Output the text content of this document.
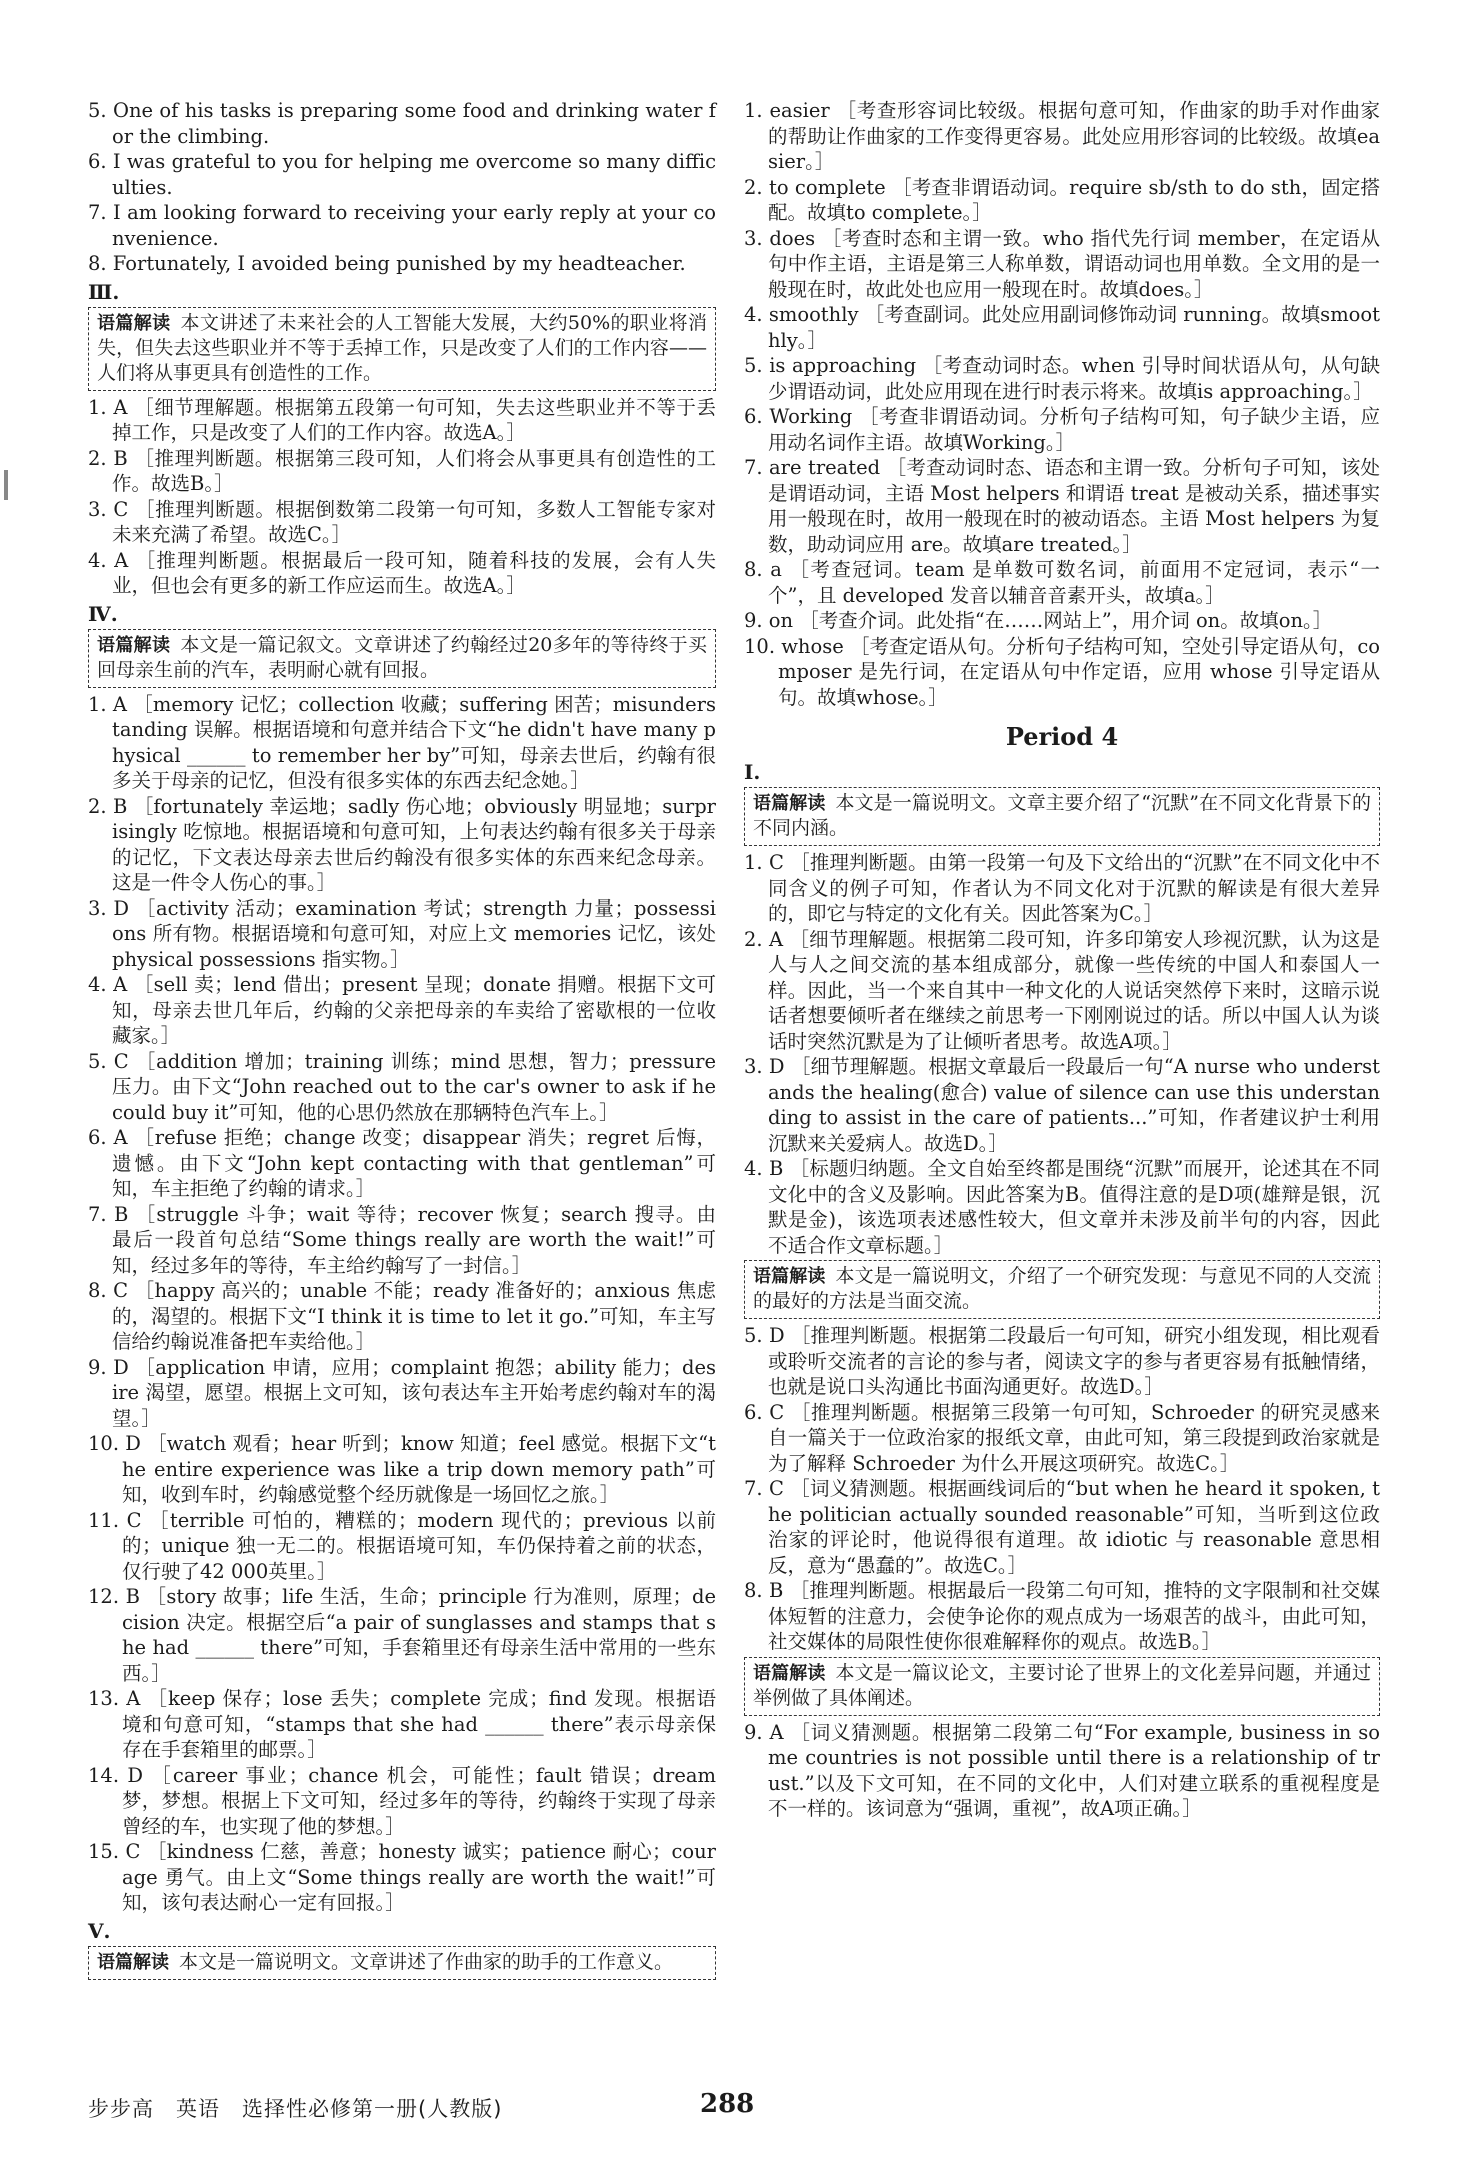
5. One of his tasks is preparing some food and drinking water for the climbing.

6. I was grateful to you for helping me overcome so many difficulties.

7. I am looking forward to receiving your early reply at your convenience.

8. Fortunately, I avoided being punished by my headteacher.

Ⅲ.

语篇解读 本文讲述了未来社会的人工智能大发展，大约50%的职业将消失，但失去这些职业并不等于丢掉工作，只是改变了人们的工作内容——人们将从事更具有创造性的工作。

1. A ［细节理解题。根据第五段第一句可知，失去这些职业并不等于丢掉工作，只是改变了人们的工作内容。故选A。］

2. B ［推理判断题。根据第三段可知，人们将会从事更具有创造性的工作。故选B。］

3. C ［推理判断题。根据倒数第二段第一句可知，多数人工智能专家对未来充满了希望。故选C。］

4. A ［推理判断题。根据最后一段可知，随着科技的发展，会有人失业，但也会有更多的新工作应运而生。故选A。］

Ⅳ.

语篇解读 本文是一篇记叙文。文章讲述了约翰经过20多年的等待终于买回母亲生前的汽车，表明耐心就有回报。

1. A ［memory 记忆；collection 收藏；suffering 困苦；misunderstanding 误解。根据语境和句意并结合下文“he didn't have many physical ______ to remember her by”可知，母亲去世后，约翰有很多关于母亲的记忆，但没有很多实体的东西去纪念她。］

2. B ［fortunately 幸运地；sadly 伤心地；obviously 明显地；surprisingly 吃惊地。根据语境和句意可知，上句表达约翰有很多关于母亲的记忆，下文表达母亲去世后约翰没有很多实体的东西来纪念母亲。这是一件令人伤心的事。］

3. D ［activity 活动；examination 考试；strength 力量；possessions 所有物。根据语境和句意可知，对应上文 memories 记忆，该处 physical possessions 指实物。］

4. A ［sell 卖；lend 借出；present 呈现；donate 捐赠。根据下文可知，母亲去世几年后，约翰的父亲把母亲的车卖给了密歇根的一位收藏家。］

5. C ［addition 增加；training 训练；mind 思想，智力；pressure 压力。由下文“John reached out to the car's owner to ask if he could buy it”可知，他的心思仍然放在那辆特色汽车上。］

6. A ［refuse 拒绝；change 改变；disappear 消失；regret 后悔，遗憾。由下文“John kept contacting with that gentleman”可知，车主拒绝了约翰的请求。］

7. B ［struggle 斗争；wait 等待；recover 恢复；search 搜寻。由最后一段首句总结“Some things really are worth the wait!”可知，经过多年的等待，车主给约翰写了一封信。］

8. C ［happy 高兴的；unable 不能；ready 准备好的；anxious 焦虑的，渴望的。根据下文“I think it is time to let it go.”可知，车主写信给约翰说准备把车卖给他。］

9. D ［application 申请，应用；complaint 抱怨；ability 能力；desire 渴望，愿望。根据上文可知，该句表达车主开始考虑约翰对车的渴望。］

10. D ［watch 观看；hear 听到；know 知道；feel 感觉。根据下文“the entire experience was like a trip down memory path”可知，收到车时，约翰感觉整个经历就像是一场回忆之旅。］

11. C ［terrible 可怕的，糟糕的；modern 现代的；previous 以前的；unique 独一无二的。根据语境可知，车仍保持着之前的状态，仅行驶了42 000英里。］

12. B ［story 故事；life 生活，生命；principle 行为准则，原理；decision 决定。根据空后“a pair of sunglasses and stamps that she had ______ there”可知，手套箱里还有母亲生活中常用的一些东西。］

13. A ［keep 保存；lose 丢失；complete 完成；find 发现。根据语境和句意可知，“stamps that she had ______ there”表示母亲保存在手套箱里的邮票。］

14. D ［career 事业；chance 机会，可能性；fault 错误；dream 梦，梦想。根据上下文可知，经过多年的等待，约翰终于实现了母亲曾经的车，也实现了他的梦想。］

15. C ［kindness 仁慈，善意；honesty 诚实；patience 耐心；courage 勇气。由上文“Some things really are worth the wait!”可知，该句表达耐心一定有回报。］

Ⅴ.

语篇解读 本文是一篇说明文。文章讲述了作曲家的助手的工作意义。

1. easier ［考查形容词比较级。根据句意可知，作曲家的助手对作曲家的帮助让作曲家的工作变得更容易。此处应用形容词的比较级。故填easier。］

2. to complete ［考查非谓语动词。require sb/sth to do sth，固定搭配。故填to complete。］

3. does ［考查时态和主谓一致。who 指代先行词 member，在定语从句中作主语，主语是第三人称单数，谓语动词也用单数。全文用的是一般现在时，故此处也应用一般现在时。故填does。］

4. smoothly ［考查副词。此处应用副词修饰动词 running。故填smoothly。］

5. is approaching ［考查动词时态。when 引导时间状语从句，从句缺少谓语动词，此处应用现在进行时表示将来。故填is approaching。］

6. Working ［考查非谓语动词。分析句子结构可知，句子缺少主语，应用动名词作主语。故填Working。］

7. are treated ［考查动词时态、语态和主谓一致。分析句子可知，该处是谓语动词，主语 Most helpers 和谓语 treat 是被动关系，描述事实用一般现在时，故用一般现在时的被动语态。主语 Most helpers 为复数，助动词应用 are。故填are treated。］

8. a ［考查冠词。team 是单数可数名词，前面用不定冠词，表示“一个”，且 developed 发音以辅音音素开头，故填a。］

9. on ［考查介词。此处指“在……网站上”，用介词 on。故填on。］

10. whose ［考查定语从句。分析句子结构可知，空处引导定语从句，composer 是先行词，在定语从句中作定语，应用 whose 引导定语从句。故填whose。］

Period 4

Ⅰ.

语篇解读 本文是一篇说明文。文章主要介绍了“沉默”在不同文化背景下的不同内涵。

1. C ［推理判断题。由第一段第一句及下文给出的“沉默”在不同文化中不同含义的例子可知，作者认为不同文化对于沉默的解读是有很大差异的，即它与特定的文化有关。因此答案为C。］

2. A ［细节理解题。根据第二段可知，许多印第安人珍视沉默，认为这是人与人之间交流的基本组成部分，就像一些传统的中国人和泰国人一样。因此，当一个来自其中一种文化的人说话突然停下来时，这暗示说话者想要倾听者在继续之前思考一下刚刚说过的话。所以中国人认为谈话时突然沉默是为了让倾听者思考。故选A项。］

3. D ［细节理解题。根据文章最后一段最后一句“A nurse who understands the healing(愈合) value of silence can use this understanding to assist in the care of patients...”可知，作者建议护士利用沉默来关爱病人。故选D。］

4. B ［标题归纳题。全文自始至终都是围绕“沉默”而展开，论述其在不同文化中的含义及影响。因此答案为B。值得注意的是D项(雄辩是银，沉默是金)，该选项表述感性较大，但文章并未涉及前半句的内容，因此不适合作文章标题。］

语篇解读 本文是一篇说明文，介绍了一个研究发现：与意见不同的人交流的最好的方法是当面交流。

5. D ［推理判断题。根据第二段最后一句可知，研究小组发现，相比观看或聆听交流者的言论的参与者，阅读文字的参与者更容易有抵触情绪，也就是说口头沟通比书面沟通更好。故选D。］

6. C ［推理判断题。根据第三段第一句可知，Schroeder 的研究灵感来自一篇关于一位政治家的报纸文章，由此可知，第三段提到政治家就是为了解释 Schroeder 为什么开展这项研究。故选C。］

7. C ［词义猜测题。根据画线词后的“but when he heard it spoken, the politician actually sounded reasonable”可知，当听到这位政治家的评论时，他说得很有道理。故 idiotic 与 reasonable 意思相反，意为“愚蠢的”。故选C。］

8. B ［推理判断题。根据最后一段第二句可知，推特的文字限制和社交媒体短暂的注意力，会使争论你的观点成为一场艰苦的战斗，由此可知，社交媒体的局限性使你很难解释你的观点。故选B。］

语篇解读 本文是一篇议论文，主要讨论了世界上的文化差异问题，并通过举例做了具体阐述。

9. A ［词义猜测题。根据第二段第二句“For example, business in some countries is not possible until there is a relationship of trust.”以及下文可知，在不同的文化中，人们对建立联系的重视程度是不一样的。该词意为“强调，重视”，故A项正确。］

步步高　英语　选择性必修第一册(人教版)	288
